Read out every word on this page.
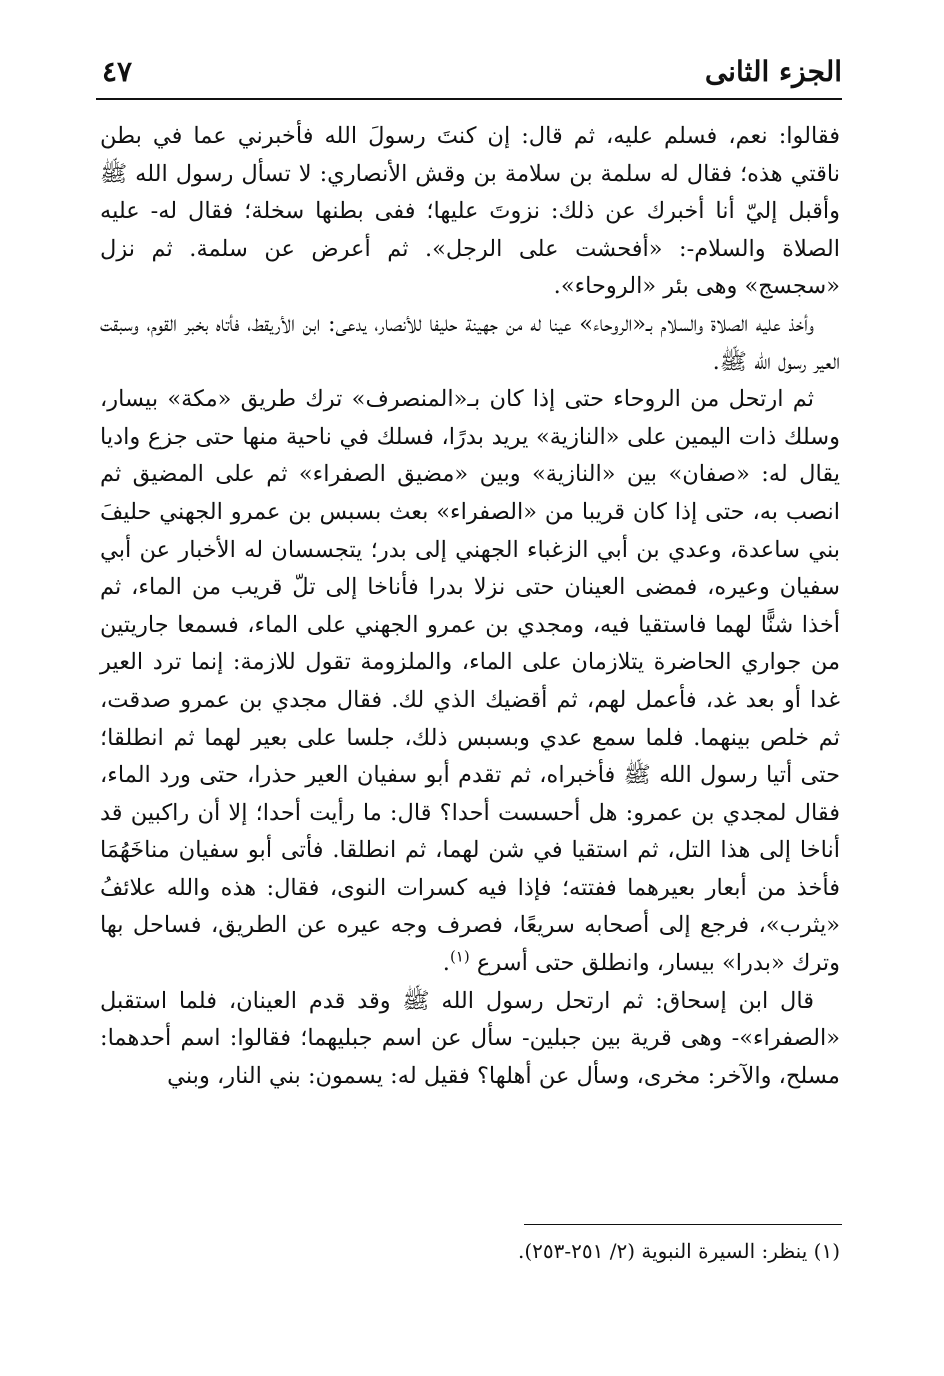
الجزء الثانى
٤٧

فقالوا: نعم، فسلم عليه، ثم قال: إن كنتَ رسولَ الله فأخبرني عما في بطن ناقتي هذه؛ فقال له سلمة بن سلامة بن وقش الأنصاري: لا تسأل رسول الله ﷺ وأقبل إليّ أنا أخبرك عن ذلك: نزوتَ عليها؛ ففى بطنها سخلة؛ فقال له- عليه الصلاة والسلام-: «أفحشت على الرجل». ثم أعرض عن سلمة. ثم نزل «سجسج» وهى بئر «الروحاء».

وأخذ عليه الصلاة والسلام بـ«الروحاء» عينا له من جهينة حليفا للأنصار، يدعى: ابن الأريقط، فأتاه بخبر القوم، وسبقت العير رسول الله ﷺ.

ثم ارتحل من الروحاء حتى إذا كان بـ«المنصرف» ترك طريق «مكة» بيسار، وسلك ذات اليمين على «النازية» يريد بدرًا، فسلك في ناحية منها حتى جزع واديا يقال له: «صفان» بين «النازية» وبين «مضيق الصفراء» ثم على المضيق ثم انصب به، حتى إذا كان قريبا من «الصفراء» بعث بسبس بن عمرو الجهني حليفَ بني ساعدة، وعدي بن أبي الزغباء الجهني إلى بدر؛ يتجسسان له الأخبار عن أبي سفيان وعيره، فمضى العينان حتى نزلا بدرا فأناخا إلى تلّ قريب من الماء، ثم أخذا شنًّا لهما فاستقيا فيه، ومجدي بن عمرو الجهني على الماء، فسمعا جاريتين من جواري الحاضرة يتلازمان على الماء، والملزومة تقول للازمة: إنما ترد العير غدا أو بعد غد، فأعمل لهم، ثم أقضيك الذي لك. فقال مجدي بن عمرو صدقت، ثم خلص بينهما. فلما سمع عدي وبسبس ذلك، جلسا على بعير لهما ثم انطلقا؛ حتى أتيا رسول الله ﷺ فأخبراه، ثم تقدم أبو سفيان العير حذرا، حتى ورد الماء، فقال لمجدي بن عمرو: هل أحسست أحدا؟ قال: ما رأيت أحدا؛ إلا أن راكبين قد أناخا إلى هذا التل، ثم استقيا في شن لهما، ثم انطلقا. فأتى أبو سفيان مناخَهُمَا فأخذ من أبعار بعيرهما ففتته؛ فإذا فيه كسرات النوى، فقال: هذه والله علائفُ «يثرب»، فرجع إلى أصحابه سريعًا، فصرف وجه عيره عن الطريق، فساحل بها وترك «بدرا» بيسار، وانطلق حتى أسرع $^{(١)}$.

قال ابن إسحاق: ثم ارتحل رسول الله ﷺ وقد قدم العينان، فلما استقبل «الصفراء»- وهى قرية بين جبلين- سأل عن اسم جبليهما؛ فقالوا: اسم أحدهما: مسلح، والآخر: مخرى، وسأل عن أهلها؟ فقيل له: يسمون: بني النار، وبني

(١) ينظر: السيرة النبوية (٢/ ٢٥١-٢٥٣).
